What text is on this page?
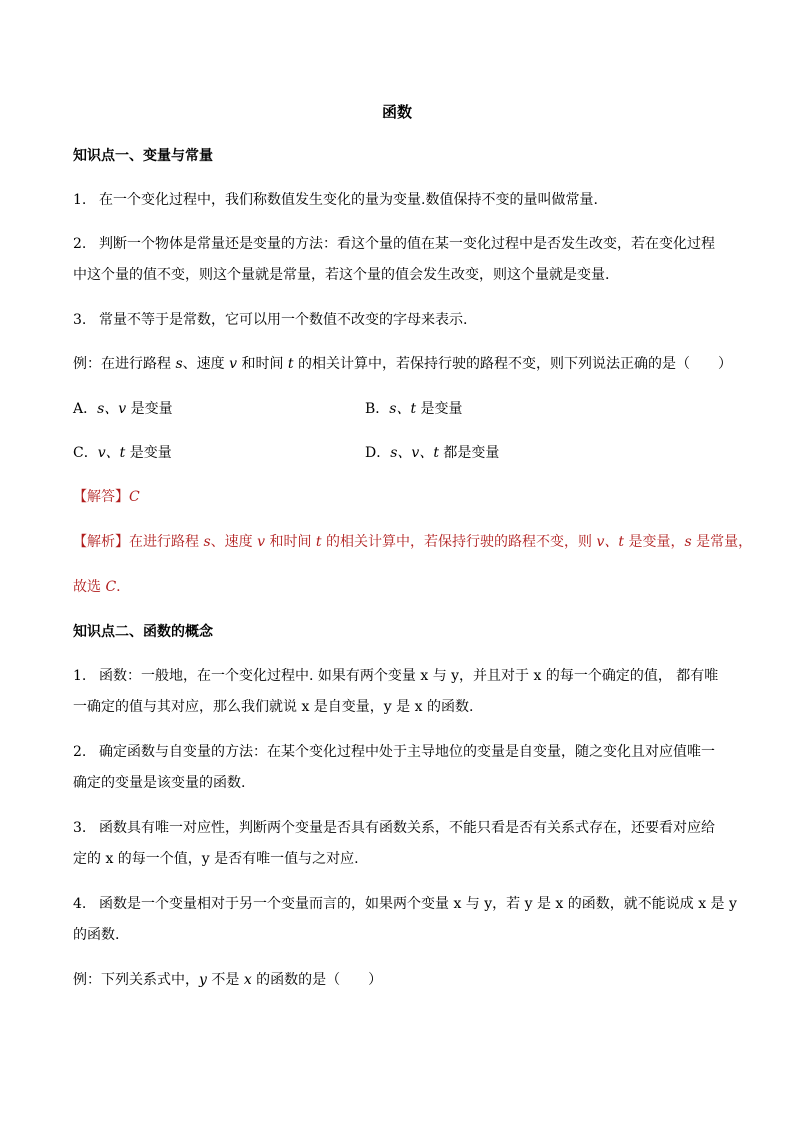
函数
知识点一、变量与常量
1. 在一个变化过程中，我们称数值发生变化的量为变量.数值保持不变的量叫做常量.
2. 判断一个物体是常量还是变量的方法：看这个量的值在某一变化过程中是否发生改变，若在变化过程
中这个量的值不变，则这个量就是常量，若这个量的值会发生改变，则这个量就是变量.
3. 常量不等于是常数，它可以用一个数值不改变的字母来表示.
例：在进行路程 s、速度 v 和时间 t 的相关计算中，若保持行驶的路程不变，则下列说法正确的是（　　）
A．s、v 是变量	B．s、t 是变量
C．v、t 是变量	D．s、v、t 都是变量
【解答】C
【解析】在进行路程 s、速度 v 和时间 t 的相关计算中，若保持行驶的路程不变，则 v、t 是变量，s 是常量，
故选 C.
知识点二、函数的概念
1. 函数：一般地，在一个变化过程中. 如果有两个变量 x 与 y，并且对于 x 的每一个确定的值， 都有唯
一确定的值与其对应，那么我们就说 x 是自变量，y 是 x 的函数.
2. 确定函数与自变量的方法：在某个变化过程中处于主导地位的变量是自变量，随之变化且对应值唯一
确定的变量是该变量的函数.
3. 函数具有唯一对应性，判断两个变量是否具有函数关系，不能只看是否有关系式存在，还要看对应给
定的 x 的每一个值，y 是否有唯一值与之对应.
4. 函数是一个变量相对于另一个变量而言的，如果两个变量 x 与 y，若 y 是 x 的函数，就不能说成 x 是 y
的函数.
例：下列关系式中，y 不是 x 的函数的是（　　）
